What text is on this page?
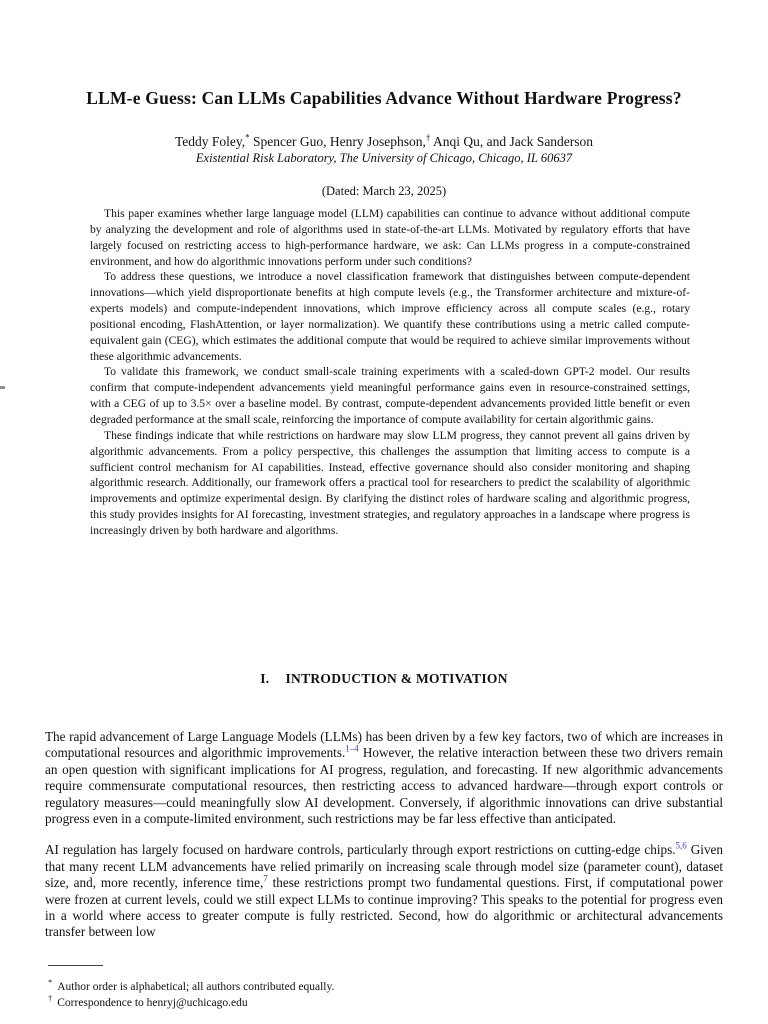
LLM-e Guess: Can LLMs Capabilities Advance Without Hardware Progress?
Teddy Foley,* Spencer Guo, Henry Josephson,† Anqi Qu, and Jack Sanderson
Existential Risk Laboratory, The University of Chicago, Chicago, IL 60637
(Dated: March 23, 2025)

This paper examines whether large language model (LLM) capabilities can continue to advance without additional compute by analyzing the development and role of algorithms used in state-of-the-art LLMs. Motivated by regulatory efforts that have largely focused on restricting access to high-performance hardware, we ask: Can LLMs progress in a compute-constrained environment, and how do algorithmic innovations perform under such conditions?

To address these questions, we introduce a novel classification framework that distinguishes between compute-dependent innovations—which yield disproportionate benefits at high compute levels (e.g., the Transformer architecture and mixture-of-experts models) and compute-independent innovations, which improve efficiency across all compute scales (e.g., rotary positional encoding, FlashAttention, or layer normalization). We quantify these contributions using a metric called compute-equivalent gain (CEG), which estimates the additional compute that would be required to achieve similar improvements without these algorithmic advancements.

To validate this framework, we conduct small-scale training experiments with a scaled-down GPT-2 model. Our results confirm that compute-independent advancements yield meaningful performance gains even in resource-constrained settings, with a CEG of up to 3.5× over a baseline model. By contrast, compute-dependent advancements provided little benefit or even degraded performance at the small scale, reinforcing the importance of compute availability for certain algorithmic gains.

These findings indicate that while restrictions on hardware may slow LLM progress, they cannot prevent all gains driven by algorithmic advancements. From a policy perspective, this challenges the assumption that limiting access to compute is a sufficient control mechanism for AI capabilities. Instead, effective governance should also consider monitoring and shaping algorithmic research. Additionally, our framework offers a practical tool for researchers to predict the scalability of algorithmic improvements and optimize experimental design. By clarifying the distinct roles of hardware scaling and algorithmic progress, this study provides insights for AI forecasting, investment strategies, and regulatory approaches in a landscape where progress is increasingly driven by both hardware and algorithms.

I. INTRODUCTION & MOTIVATION

The rapid advancement of Large Language Models (LLMs) has been driven by a few key factors, two of which are increases in computational resources and algorithmic improvements.$^{1-4}$ However, the relative interaction between these two drivers remain an open question with significant implications for AI progress, regulation, and forecasting. If new algorithmic advancements require commensurate computational resources, then restricting access to advanced hardware—through export controls or regulatory measures—could meaningfully slow AI development. Conversely, if algorithmic innovations can drive substantial progress even in a compute-limited environment, such restrictions may be far less effective than anticipated.

AI regulation has largely focused on hardware controls, particularly through export restrictions on cutting-edge chips.$^{5,6}$ Given that many recent LLM advancements have relied primarily on increasing scale through model size (parameter count), dataset size, and, more recently, inference time,$^7$ these restrictions prompt two fundamental questions. First, if computational power were frozen at current levels, could we still expect LLMs to continue improving? This speaks to the potential for progress even in a world where access to greater compute is fully restricted. Second, how do algorithmic or architectural advancements transfer between low

* Author order is alphabetical; all authors contributed equally.
† Correspondence to henryj@uchicago.edu
